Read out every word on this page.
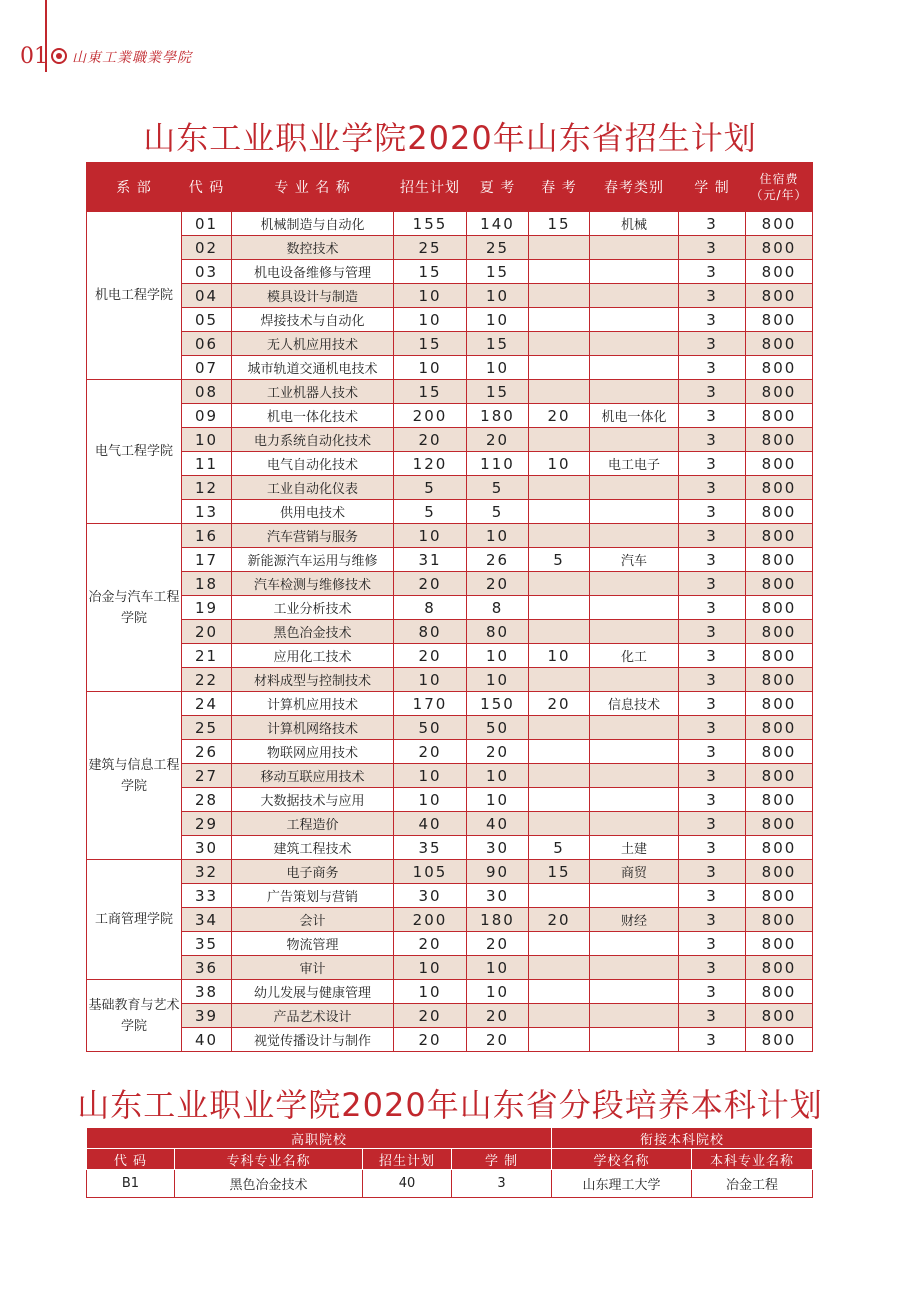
01 山東工業職業學院
山东工业职业学院2020年山东省招生计划
系 部	代 码	专 业 名 称	招生计划	夏 考	春 考	春考类别	学 制	住宿费（元/年）
机电工程学院	01	机械制造与自动化	155	140	15	机械	3	800
	02	数控技术	25	25			3	800
	03	机电设备维修与管理	15	15			3	800
	04	模具设计与制造	10	10			3	800
	05	焊接技术与自动化	10	10			3	800
	06	无人机应用技术	15	15			3	800
	07	城市轨道交通机电技术	10	10			3	800
电气工程学院	08	工业机器人技术	15	15			3	800
	09	机电一体化技术	200	180	20	机电一体化	3	800
	10	电力系统自动化技术	20	20			3	800
	11	电气自动化技术	120	110	10	电工电子	3	800
	12	工业自动化仪表	5	5			3	800
	13	供用电技术	5	5			3	800
冶金与汽车工程学院	16	汽车营销与服务	10	10			3	800
	17	新能源汽车运用与维修	31	26	5	汽车	3	800
	18	汽车检测与维修技术	20	20			3	800
	19	工业分析技术	8	8			3	800
	20	黑色冶金技术	80	80			3	800
	21	应用化工技术	20	10	10	化工	3	800
	22	材料成型与控制技术	10	10			3	800
建筑与信息工程学院	24	计算机应用技术	170	150	20	信息技术	3	800
	25	计算机网络技术	50	50			3	800
	26	物联网应用技术	20	20			3	800
	27	移动互联应用技术	10	10			3	800
	28	大数据技术与应用	10	10			3	800
	29	工程造价	40	40			3	800
	30	建筑工程技术	35	30	5	土建	3	800
工商管理学院	32	电子商务	105	90	15	商贸	3	800
	33	广告策划与营销	30	30			3	800
	34	会计	200	180	20	财经	3	800
	35	物流管理	20	20			3	800
	36	审计	10	10			3	800
基础教育与艺术学院	38	幼儿发展与健康管理	10	10			3	800
	39	产品艺术设计	20	20			3	800
	40	视觉传播设计与制作	20	20			3	800
山东工业职业学院2020年山东省分段培养本科计划
高职院校				衔接本科院校	
代 码	专科专业名称	招生计划	学 制	学校名称	本科专业名称
B1	黑色冶金技术	40	3	山东理工大学	冶金工程
